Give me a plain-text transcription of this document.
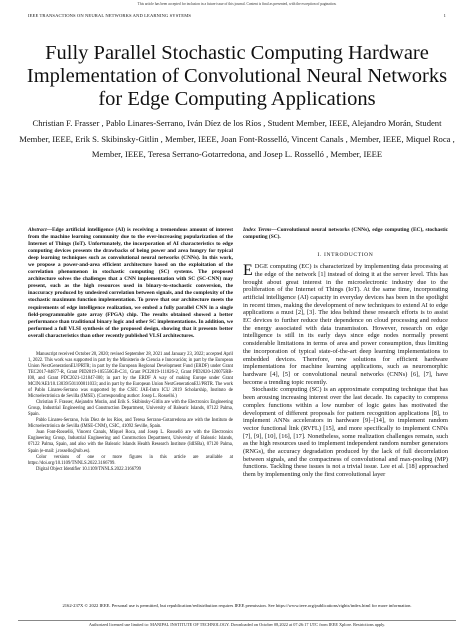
This article has been accepted for inclusion in a future issue of this journal. Content is final as presented, with the exception of pagination.
IEEE TRANSACTIONS ON NEURAL NETWORKS AND LEARNING SYSTEMS	1
Fully Parallel Stochastic Computing Hardware Implementation of Convolutional Neural Networks for Edge Computing Applications
Christian F. Frasser , Pablo Linares-Serrano, Iván Díez de los Ríos , Student Member, IEEE, Alejandro Morán, Student Member, IEEE, Erik S. Skibinsky-Gitlin , Member, IEEE, Joan Font-Rosselló, Vincent Canals , Member, IEEE, Miquel Roca , Member, IEEE, Teresa Serrano-Gotarredona, and Josep L. Rosselló , Member, IEEE
Abstract—Edge artificial intelligence (AI) is receiving a tremendous amount of interest from the machine learning community due to the ever-increasing popularization of the Internet of Things (IoT). Unfortunately, the incorporation of AI characteristics to edge computing devices presents the drawbacks of being power and area hungry for typical deep learning techniques such as convolutional neural networks (CNNs). In this work, we propose a power-and-area efficient architecture based on the exploitation of the correlation phenomenon in stochastic computing (SC) systems. The proposed architecture solves the challenges that a CNN implementation with SC (SC-CNN) may present, such as the high resources used in binary-to-stochastic conversion, the inaccuracy produced by undesired correlation between signals, and the complexity of the stochastic maximum function implementation. To prove that our architecture meets the requirements of edge intelligence realization, we embed a fully parallel CNN in a single field-programmable gate array (FPGA) chip. The results obtained showed a better performance than traditional binary logic and other SC implementations. In addition, we performed a full VLSI synthesis of the proposed design, showing that it presents better overall characteristics than other recently published VLSI architectures.

Manuscript received October 20, 2020; revised September 28, 2021 and January 23, 2022; accepted April 1, 2022. This work was supported in part by the Ministerio de Ciencia e Innovación; in part by the European Union NextGenerationEU/PRTR; in part by the European Regional Development Fund (ERDF) under Grant TEC2017-84877-R, Grant PID2019-105556GB-C31, Grant PCI2019-111826-2, Grant PID2020-120075RB-I00, and Grant PDC2021-121847-I00; in part by the ERDF A way of making Europe under Grant MCIN/AEI/10.13039/501100011033; and in part by the European Union NextGenerationEU/PRTR. The work of Pablo Linares-Serrano was supported by the CSIC JAE-Intro ICU 2019 Scholarship, Instituto de Microelectrónica de Sevilla (IMSE). (Corresponding author: Josep L. Rosselló.)

Christian F. Frasser, Alejandro Morán, and Erik S. Skibinsky-Gitlin are with the Electronics Engineering Group, Industrial Engineering and Construction Department, University of Balearic Islands, 07122 Palma, Spain.

Pablo Linares-Serrano, Iván Díez de los Ríos, and Teresa Serrano-Gotarredona are with the Instituto de Microelectrónica de Sevilla (IMSE-CNM), CSIC, 41092 Seville, Spain.

Joan Font-Rosselló, Vincent Canals, Miquel Roca, and Josep L. Rosselló are with the Electronics Engineering Group, Industrial Engineering and Construction Department, University of Balearic Islands, 07122 Palma, Spain, and also with the Balearic Islands Health Research Institute (IdISBa), 07120 Palma, Spain (e-mail: j.rossello@uib.es).

Color versions of one or more figures in this article are available at https://doi.org/10.1109/TNNLS.2022.3166799.

Digital Object Identifier 10.1109/TNNLS.2022.3166799

Index Terms—Convolutional neural networks (CNNs), edge computing (EC), stochastic computing (SC).
I. INTRODUCTION

EDGE computing (EC) is characterized by implementing data processing at the edge of the network [1] instead of doing it at the server level. This has brought about great interest in the microelectronic industry due to the proliferation of the Internet of Things (IoT). At the same time, incorporating artificial intelligence (AI) capacity in everyday devices has been in the spotlight in recent times, making the development of new techniques to extend AI to edge applications a must [2], [3]. The idea behind these research efforts is to assist EC devices to further reduce their dependence on cloud processing and reduce the energy associated with data transmission. However, research on edge intelligence is still in its early days since edge nodes normally present considerable limitations in terms of area and power consumption, thus limiting the incorporation of typical state-of-the-art deep learning implementations to embedded devices. Therefore, new solutions for efficient hardware implementations for machine learning applications, such as neuromorphic hardware [4], [5] or convolutional neural networks (CNNs) [6], [7], have become a trending topic recently.

Stochastic computing (SC) is an approximate computing technique that has been arousing increasing interest over the last decade. Its capacity to compress complex functions within a low number of logic gates has motivated the development of different proposals for pattern recognition applications [8], to implement ANNs accelerators in hardware [9]–[14], to implement random vector functional link (RVFL) [15], and more specifically to implement CNNs [7], [9], [10], [16], [17]. Nonetheless, some realization challenges remain, such as the high resources used to implement independent random number generators (RNGs), the accuracy degradation produced by the lack of full decorrelation between signals, and the compactness of convolutional and max-pooling (MP) functions. Tackling these issues is not a trivial issue. Lee et al. [18] approached them by implementing only the first convolutional layer

2162-237X © 2022 IEEE. Personal use is permitted, but republication/redistribution requires IEEE permission. See https://www.ieee.org/publications/rights/index.html for more information.
Authorized licensed use limited to: MANIPAL INSTITUTE OF TECHNOLOGY. Downloaded on October 08,2022 at 07:26:17 UTC from IEEE Xplore. Restrictions apply.
